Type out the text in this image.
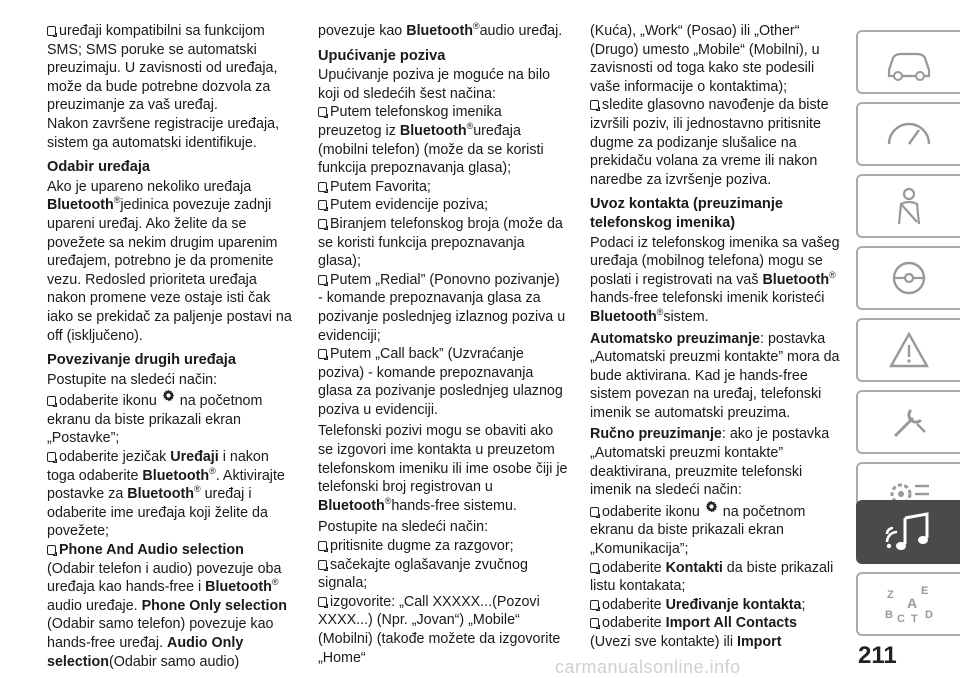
uređaji kompatibilni sa funkcijom SMS; SMS poruke se automatski preuzimaju. U zavisnosti od uređaja, može da bude potrebne dozvola za preuzimanje za vaš uređaj.

Nakon završene registracije uređaja, sistem ga automatski identifikuje.

Odabir uređaja

Ako je upareno nekoliko uređaja
Bluetooth®jedinica povezuje zadnji upareni uređaj. Ako želite da se povežete sa nekim drugim uparenim uređajem, potrebno je da promenite vezu. Redosled prioriteta uređaja nakon promene veze ostaje isti čak iako se prekidač za paljenje postavi na off (isključeno).

Povezivanje drugih uređaja

Postupite na sledeći način:

odaberite ikonu na početnom ekranu da biste prikazali ekran „Postavke”;

odaberite jezičak Uređaji i nakon toga odaberite Bluetooth®. Aktivirajte postavke za Bluetooth® uređaj i odaberite ime uređaja koji želite da povežete;

Phone And Audio selection

(Odabir telefon i audio) povezuje oba uređaja kao hands-free i Bluetooth® audio uređaje. Phone Only selection (Odabir samo telefon) povezuje kao hands-free uređaj. Audio Only selection(Odabir samo audio)

povezuje kao Bluetooth®audio uređaj.

Upućivanje poziva

Upućivanje poziva je moguće na bilo koji od sledećih šest načina:

Putem telefonskog imenika preuzetog iz Bluetooth®uređaja (mobilni telefon) (može da se koristi funkcija prepoznavanja glasa);

Putem Favorita;

Putem evidencije poziva;

Biranjem telefonskog broja (može da se koristi funkcija prepoznavanja glasa);

Putem „Redial” (Ponovno pozivanje) - komande prepoznavanja glasa za pozivanje poslednjeg izlaznog poziva u evidenciji;

Putem „Call back” (Uzvraćanje poziva) - komande prepoznavanja glasa za pozivanje poslednjeg ulaznog poziva u evidenciji.

Telefonski pozivi mogu se obaviti ako se izgovori ime kontakta u preuzetom telefonskom imeniku ili ime osobe čiji je telefonski broj registrovan u
Bluetooth®hands-free sistemu.

Postupite na sledeći način:

pritisnite dugme za razgovor;

sačekajte oglašavanje zvučnog signala;

izgovorite: „Call XXXXX...(Pozovi XXXX...) (Npr. „Jovan“) „Mobile“ (Mobilni) (takođe možete da izgovorite „Home“

(Kuća), „Work“ (Posao) ili „Other“ (Drugo) umesto „Mobile“ (Mobilni), u zavisnosti od toga kako ste podesili vaše informacije o kontaktima);

sledite glasovno navođenje da biste izvršili poziv, ili jednostavno pritisnite dugme za podizanje slušalice na prekidaču volana za vreme ili nakon naredbe za izvršenje poziva.

Uvoz kontakta (preuzimanje telefonskog imenika)

Podaci iz telefonskog imenika sa vašeg uređaja (mobilnog telefona) mogu se poslati i registrovati na vaš Bluetooth® hands-free telefonski imenik koristeći Bluetooth®sistem.

Automatsko preuzimanje: postavka „Automatski preuzmi kontakte” mora da bude aktivirana. Kad je hands-free sistem povezan na uređaj, telefonski imenik se automatski preuzima.

Ručno preuzimanje: ako je postavka „Automatski preuzmi kontakte” deaktivirana, preuzmite telefonski imenik na sledeći način:

odaberite ikonu na početnom ekranu da biste prikazali ekran „Komunikacija”;

odaberite Kontakti da biste prikazali listu kontakata;

odaberite Uređivanje kontakta;

odaberite Import All Contacts
(Uvezi sve kontakte) ili Import

Z E
B
A
C T D
211
carmanualsonline.info
